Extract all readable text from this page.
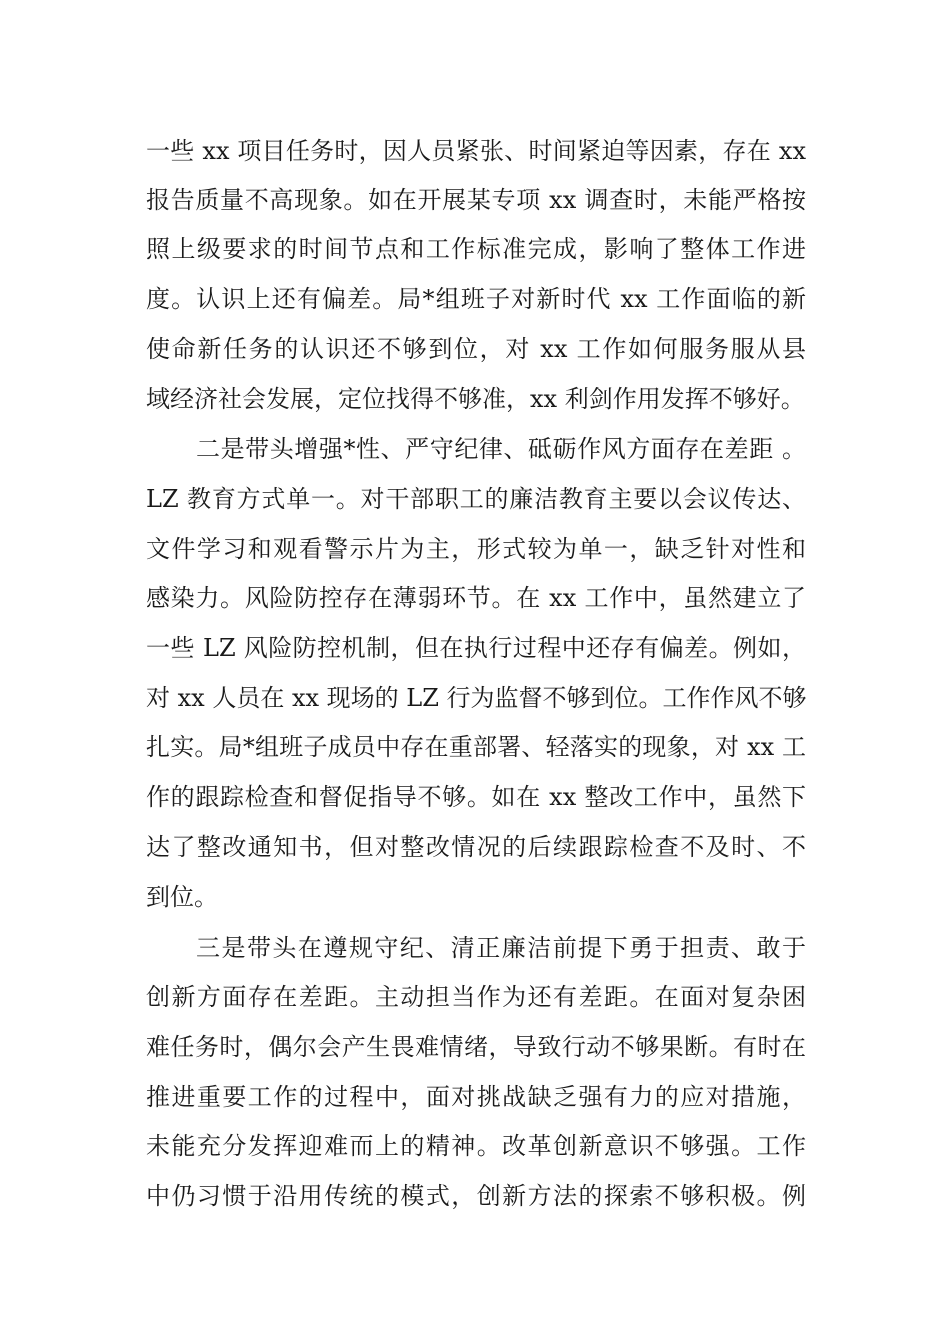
一些 xx 项目任务时，因人员紧张、时间紧迫等因素，存在 xx
报告质量不高现象。如在开展某专项 xx 调查时，未能严格按
照上级要求的时间节点和工作标准完成，影响了整体工作进
度。认识上还有偏差。局*组班子对新时代 xx 工作面临的新
使命新任务的认识还不够到位，对 xx 工作如何服务服从县
域经济社会发展，定位找得不够准，xx 利剑作用发挥不够好。
二是带头增强*性、严守纪律、砥砺作风方面存在差距 。
LZ 教育方式单一。对干部职工的廉洁教育主要以会议传达、
文件学习和观看警示片为主，形式较为单一，缺乏针对性和
感染力。风险防控存在薄弱环节。在 xx 工作中，虽然建立了
一些 LZ 风险防控机制，但在执行过程中还存有偏差。例如，
对 xx 人员在 xx 现场的 LZ 行为监督不够到位。工作作风不够
扎实。局*组班子成员中存在重部署、轻落实的现象，对 xx 工
作的跟踪检查和督促指导不够。如在 xx 整改工作中，虽然下
达了整改通知书，但对整改情况的后续跟踪检查不及时、不
到位。
三是带头在遵规守纪、清正廉洁前提下勇于担责、敢于
创新方面存在差距。主动担当作为还有差距。在面对复杂困
难任务时，偶尔会产生畏难情绪，导致行动不够果断。有时在
推进重要工作的过程中，面对挑战缺乏强有力的应对措施，
未能充分发挥迎难而上的精神。改革创新意识不够强。工作
中仍习惯于沿用传统的模式，创新方法的探索不够积极。例
